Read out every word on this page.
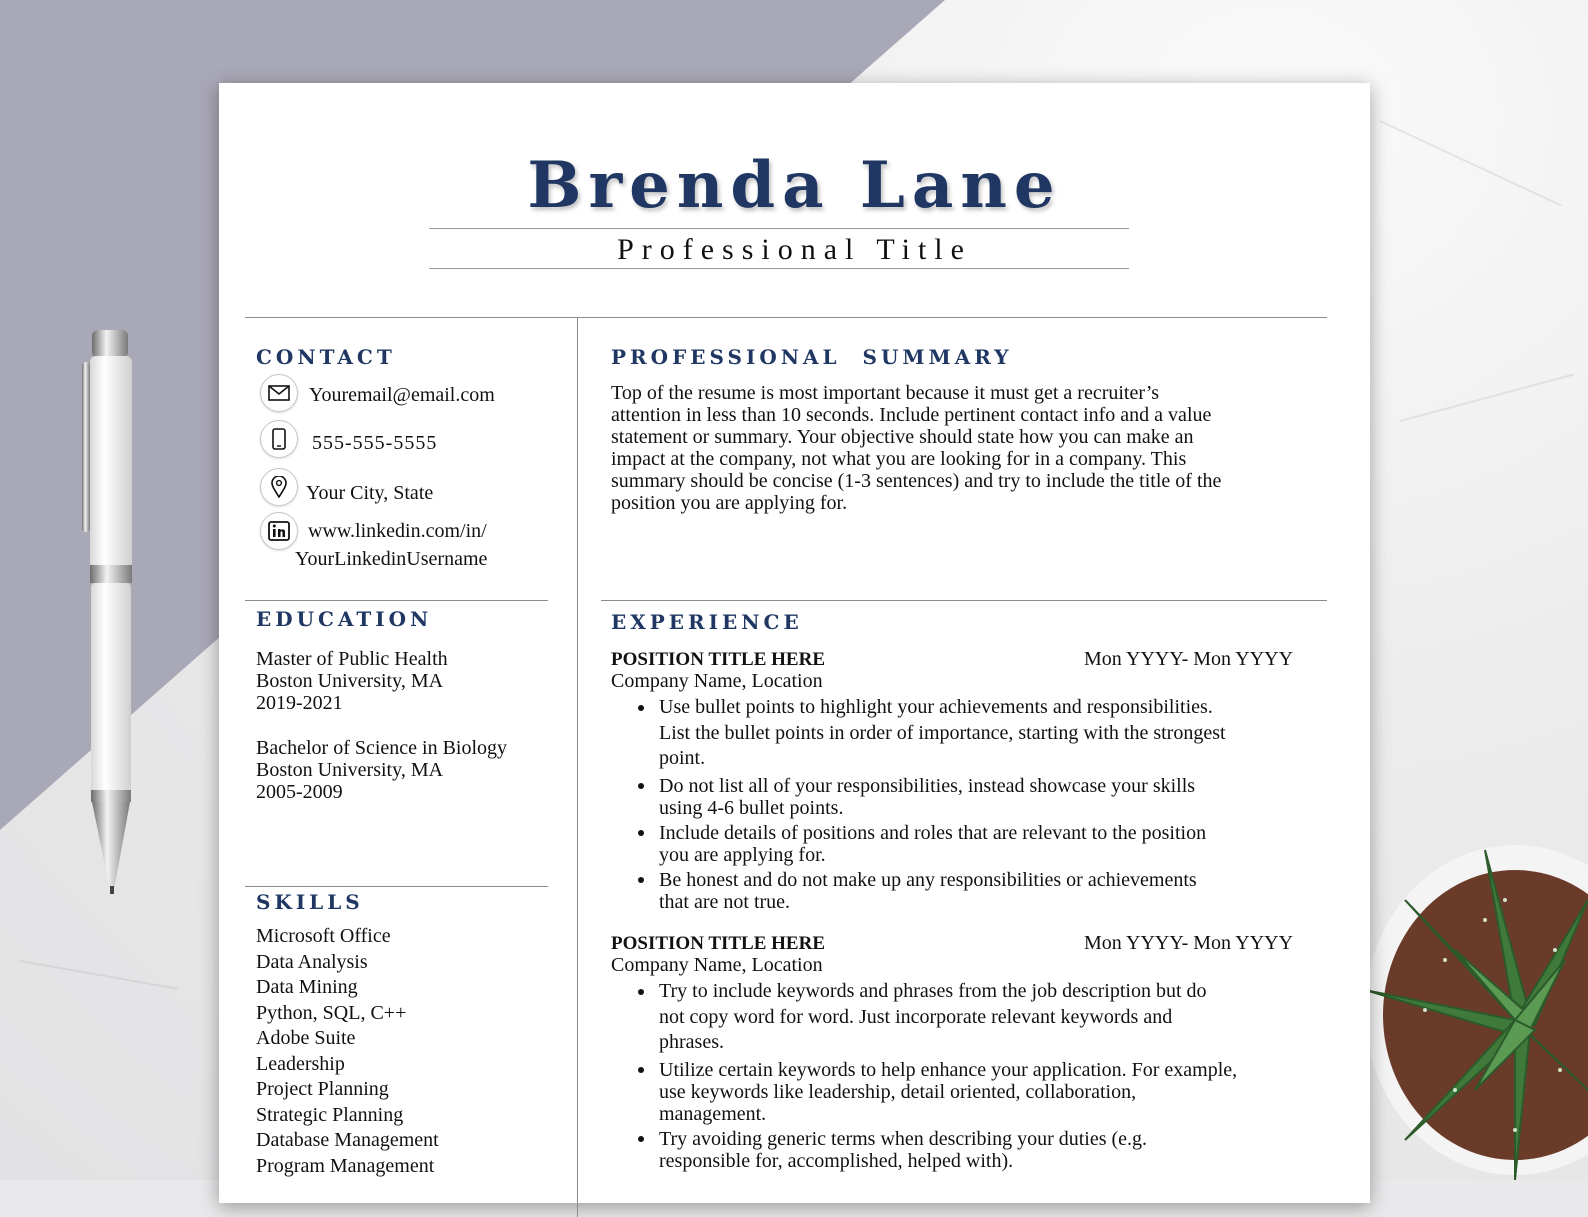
Brenda Lane
Professional Title
CONTACT
Youremail@email.com
555-555-5555
Your City, State
www.linkedin.com/in/
YourLinkedinUsername
EDUCATION
Master of Public Health
Boston University, MA
2019-2021
Bachelor of Science in Biology
Boston University, MA
2005-2009
SKILLS
Microsoft Office
Data Analysis
Data Mining
Python, SQL, C++
Adobe Suite
Leadership
Project Planning
Strategic Planning
Database Management
Program Management
PROFESSIONAL  SUMMARY
Top of the resume is most important because it must get a recruiter’s
attention in less than 10 seconds. Include pertinent contact info and a value
statement or summary. Your objective should state how you can make an
impact at the company, not what you are looking for in a company. This
summary should be concise (1-3 sentences) and try to include the title of the
position you are applying for.
EXPERIENCE
POSITION TITLE HERE	Mon YYYY- Mon YYYY
Company Name, Location
Use bullet points to highlight your achievements and responsibilities.
List the bullet points in order of importance, starting with the strongest
point.
Do not list all of your responsibilities, instead showcase your skills
using 4-6 bullet points.
Include details of positions and roles that are relevant to the position
you are applying for.
Be honest and do not make up any responsibilities or achievements
that are not true.
POSITION TITLE HERE	Mon YYYY- Mon YYYY
Company Name, Location
Try to include keywords and phrases from the job description but do
not copy word for word. Just incorporate relevant keywords and
phrases.
Utilize certain keywords to help enhance your application. For example,
use keywords like leadership, detail oriented, collaboration,
management.
Try avoiding generic terms when describing your duties (e.g.
responsible for, accomplished, helped with).
